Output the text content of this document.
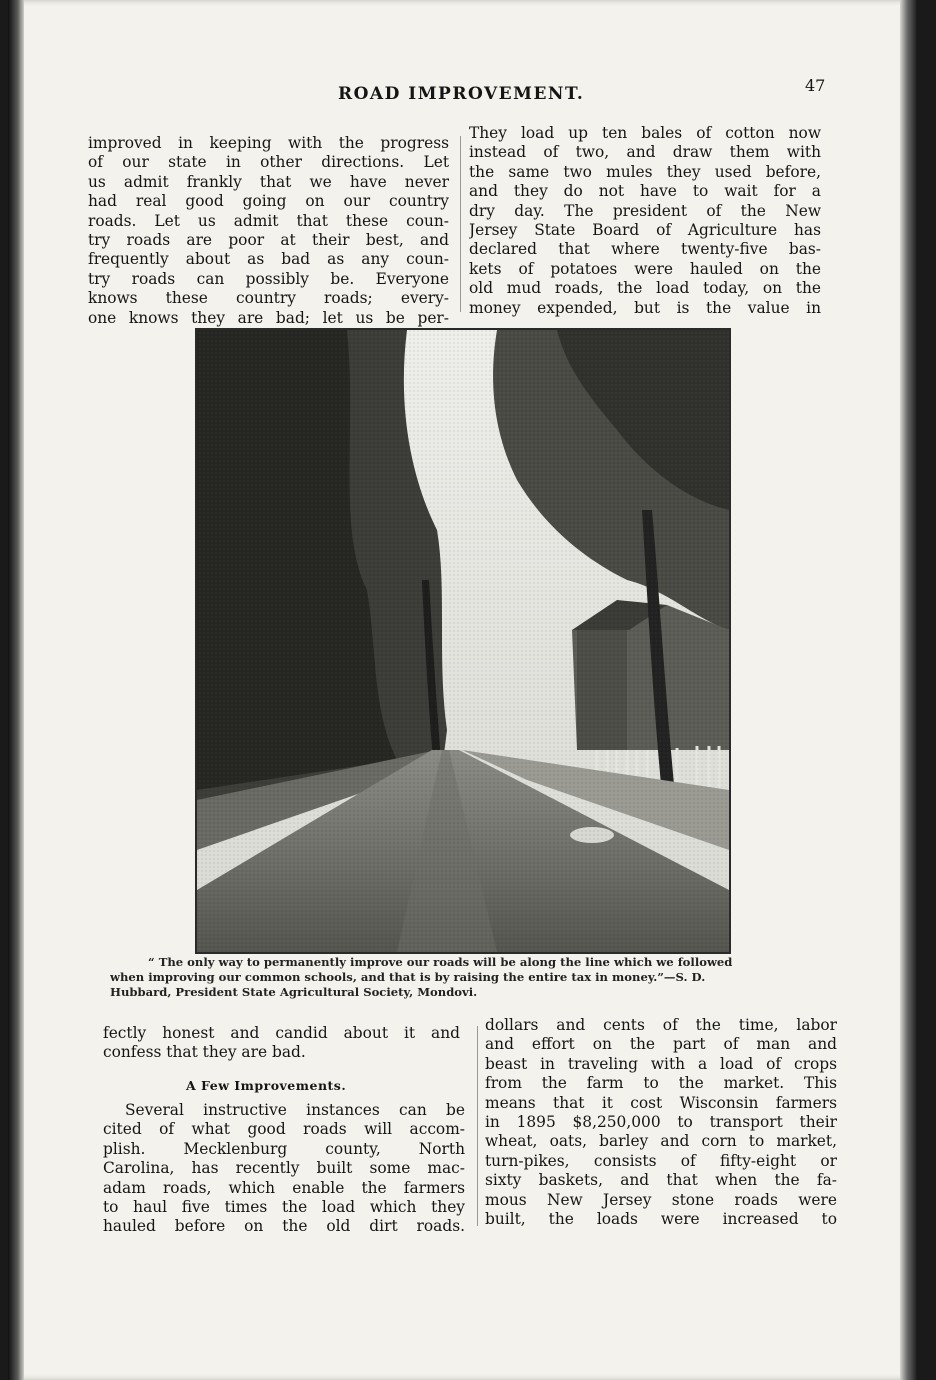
ROAD IMPROVEMENT.	47
improved in keeping with the progress
of our state in other directions. Let
us admit frankly that we have never
had real good going on our country
roads. Let us admit that these coun-
try roads are poor at their best, and
frequently about as bad as any coun-
try roads can possibly be. Everyone
knows these country roads; every-
one knows they are bad; let us be per-
They load up ten bales of cotton now
instead of two, and draw them with
the same two mules they used before,
and they do not have to wait for a
dry day. The president of the New
Jersey State Board of Agriculture has
declared that where twenty-five bas-
kets of potatoes were hauled on the
old mud roads, the load today, on the
money expended, but is the value in
“ The only way to permanently improve our roads will be along the line which we followed
when improving our common schools, and that is by raising the entire tax in money.”—S. D.
Hubbard, President State Agricultural Society, Mondovi.
fectly honest and candid about it and
confess that they are bad.
A Few Improvements.
Several instructive instances can be
cited of what good roads will accom-
plish. Mecklenburg county, North
Carolina, has recently built some mac-
adam roads, which enable the farmers
to haul five times the load which they
hauled before on the old dirt roads.
dollars and cents of the time, labor
and effort on the part of man and
beast in traveling with a load of crops
from the farm to the market. This
means that it cost Wisconsin farmers
in 1895 $8,250,000 to transport their
wheat, oats, barley and corn to market,
turn-pikes, consists of fifty-eight or
sixty baskets, and that when the fa-
mous New Jersey stone roads were
built, the loads were increased to
